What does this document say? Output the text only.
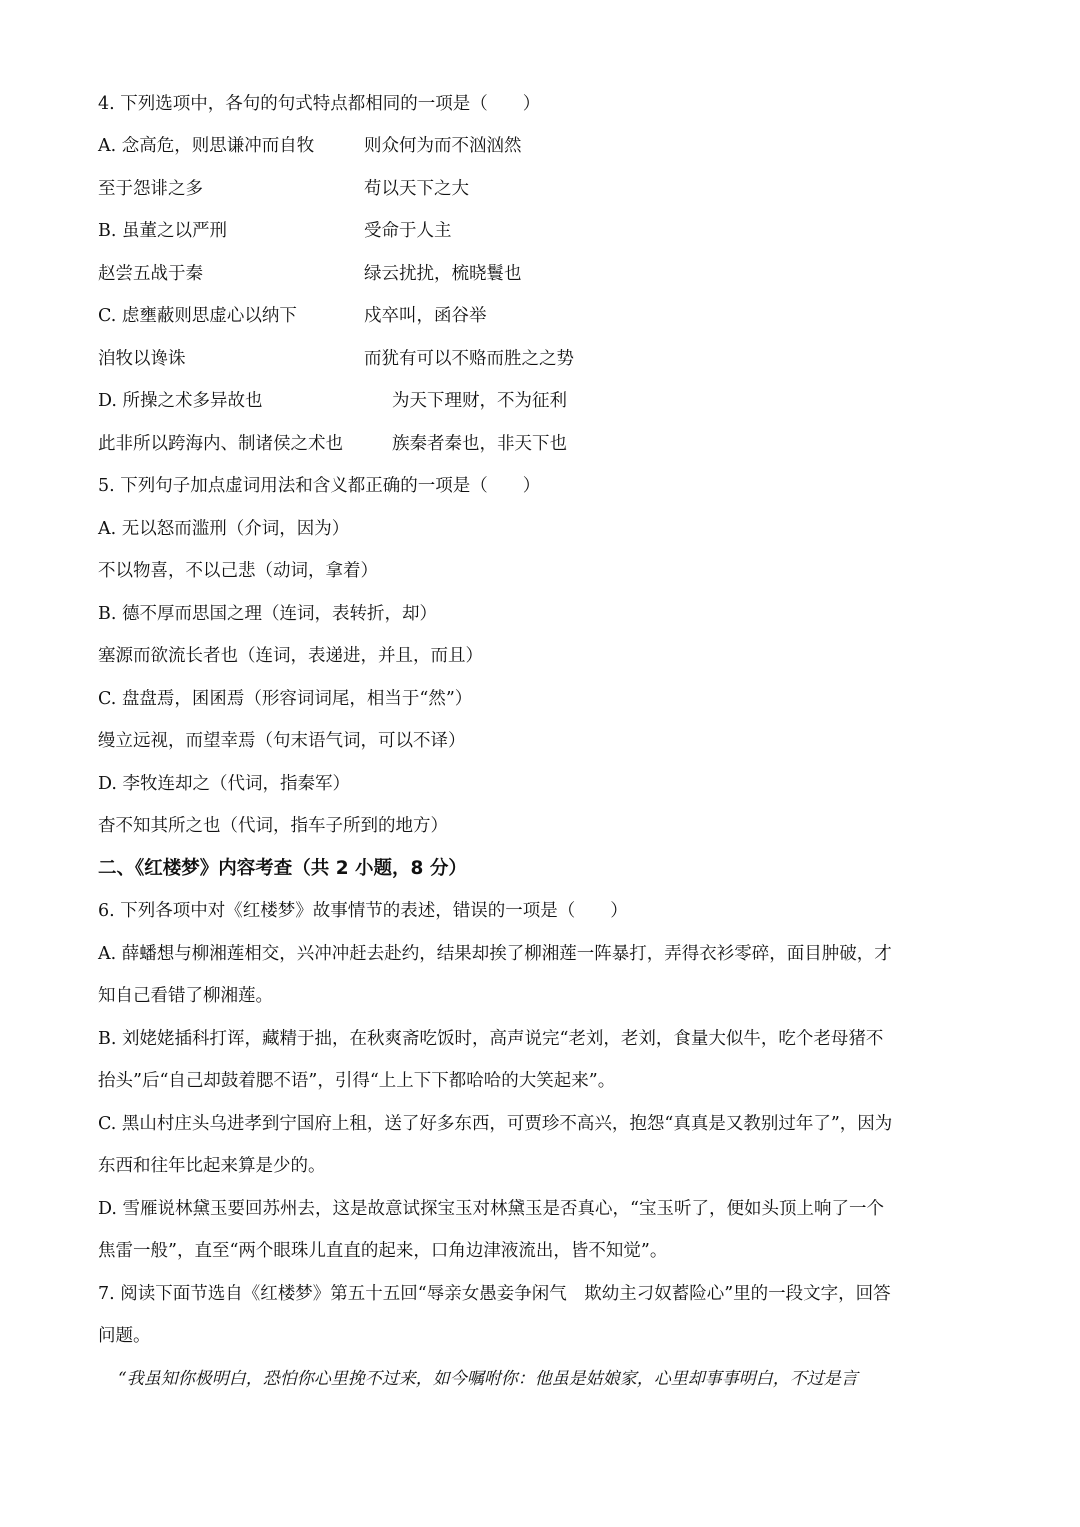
4. 下列选项中，各句的句式特点都相同的一项是（　　）
A. 念高危，则思谦冲而自牧	则众何为而不汹汹然
至于怨诽之多	苟以天下之大
B. 虽董之以严刑	受命于人主
赵尝五战于秦	绿云扰扰，梳晓鬟也
C. 虑壅蔽则思虚心以纳下	戍卒叫，函谷举
洎牧以谗诛	而犹有可以不赂而胜之之势
D. 所操之术多异故也	为天下理财，不为征利
此非所以跨海内、制诸侯之术也	族秦者秦也，非天下也
5. 下列句子加点虚词用法和含义都正确的一项是（　　）
A. 无以怒而滥刑（介词，因为）
不以物喜，不以己悲（动词，拿着）
B. 德不厚而思国之理（连词，表转折，却）
塞源而欲流长者也（连词，表递进，并且，而且）
C. 盘盘焉，囷囷焉（形容词词尾，相当于“然”）
缦立远视，而望幸焉（句末语气词，可以不译）
D. 李牧连却之（代词，指秦军）
杳不知其所之也（代词，指车子所到的地方）
二、《红楼梦》内容考查（共 2 小题，8 分）
6. 下列各项中对《红楼梦》故事情节的表述，错误的一项是（　　）
A. 薛蟠想与柳湘莲相交，兴冲冲赶去赴约，结果却挨了柳湘莲一阵暴打，弄得衣衫零碎，面目肿破，才
知自己看错了柳湘莲。
B. 刘姥姥插科打诨，藏精于拙，在秋爽斋吃饭时，高声说完“老刘，老刘，食量大似牛，吃个老母猪不
抬头”后“自己却鼓着腮不语”，引得“上上下下都哈哈的大笑起来”。
C. 黑山村庄头乌进孝到宁国府上租，送了好多东西，可贾珍不高兴，抱怨“真真是又教别过年了”，因为
东西和往年比起来算是少的。
D. 雪雁说林黛玉要回苏州去，这是故意试探宝玉对林黛玉是否真心，“宝玉听了，便如头顶上响了一个
焦雷一般”，直至“两个眼珠儿直直的起来，口角边津液流出，皆不知觉”。
7. 阅读下面节选自《红楼梦》第五十五回“辱亲女愚妾争闲气　欺幼主刁奴蓄险心”里的一段文字，回答
问题。
“我虽知你极明白，恐怕你心里挽不过来，如今嘱咐你：他虽是姑娘家，心里却事事明白，不过是言
